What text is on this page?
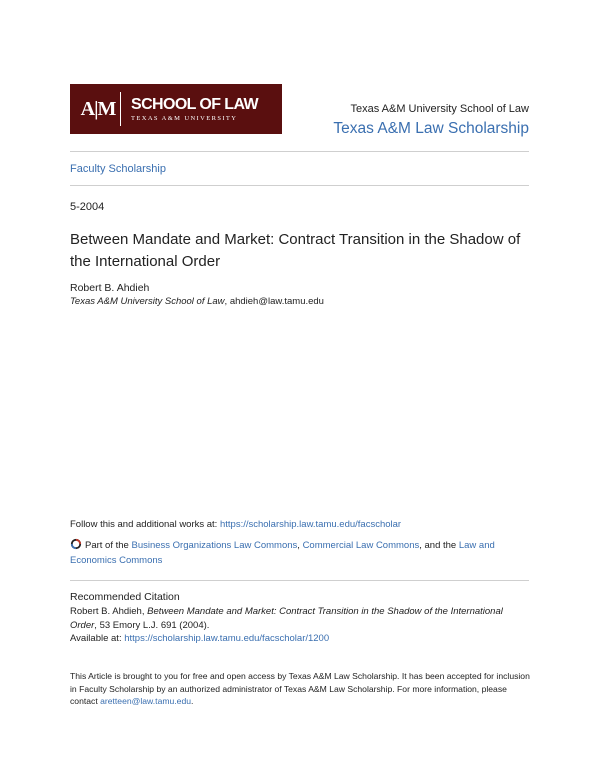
A|M SCHOOL OF LAW
TEXAS A&M UNIVERSITY
Texas A&M University School of Law
Texas A&M Law Scholarship
Faculty Scholarship
5-2004
Between Mandate and Market: Contract Transition in the Shadow of the International Order
Robert B. Ahdieh
Texas A&M University School of Law, ahdieh@law.tamu.edu
Follow this and additional works at: https://scholarship.law.tamu.edu/facscholar
Part of the Business Organizations Law Commons, Commercial Law Commons, and the Law and Economics Commons
Recommended Citation
Robert B. Ahdieh, Between Mandate and Market: Contract Transition in the Shadow of the International Order, 53 Emory L.J. 691 (2004).
Available at: https://scholarship.law.tamu.edu/facscholar/1200
This Article is brought to you for free and open access by Texas A&M Law Scholarship. It has been accepted for inclusion in Faculty Scholarship by an authorized administrator of Texas A&M Law Scholarship. For more information, please contact aretteen@law.tamu.edu.
